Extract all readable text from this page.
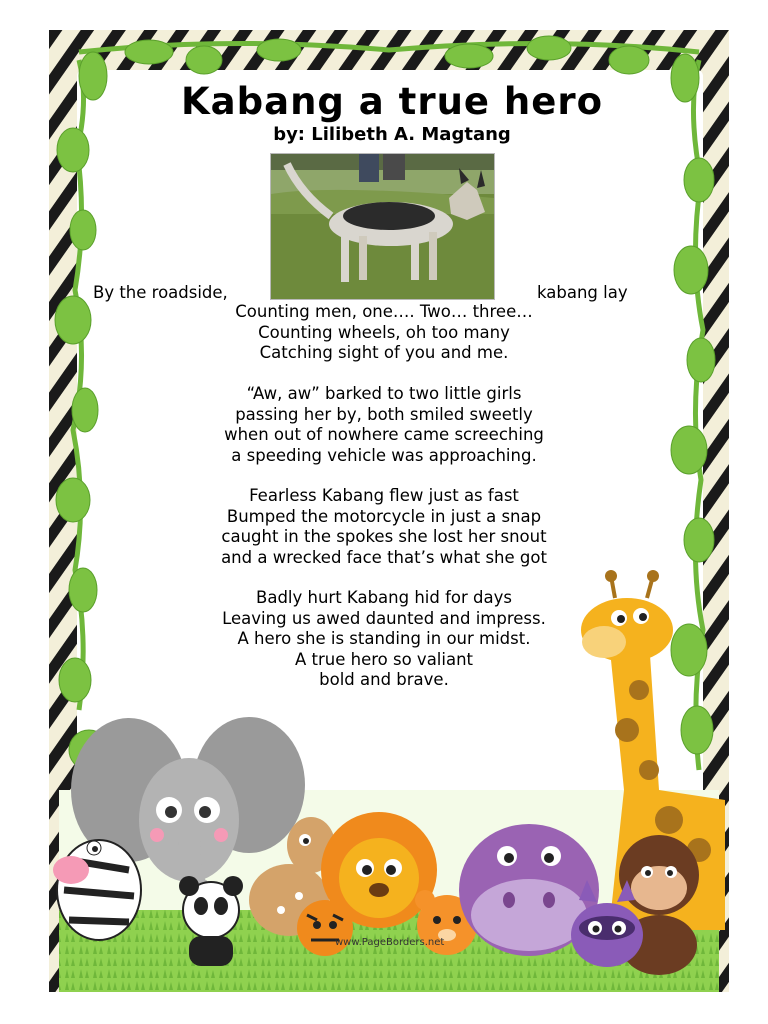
Kabang a true hero
by: Lilibeth A. Magtang
By the roadside,	kabang lay
Counting men, one…. Two… three…
Counting wheels, oh too many
Catching sight of you and me.
“Aw, aw” barked to two little girls
passing her by, both smiled sweetly
when out of nowhere came screeching
a speeding vehicle was approaching.
Fearless Kabang flew just as fast
Bumped the motorcycle in just a snap
caught in the spokes she lost her snout
and a wrecked face that’s what she got
Badly hurt Kabang hid for days
Leaving us awed daunted and impress.
A hero she is standing in our midst.
A true hero so valiant
bold and brave.
www.PageBorders.net
